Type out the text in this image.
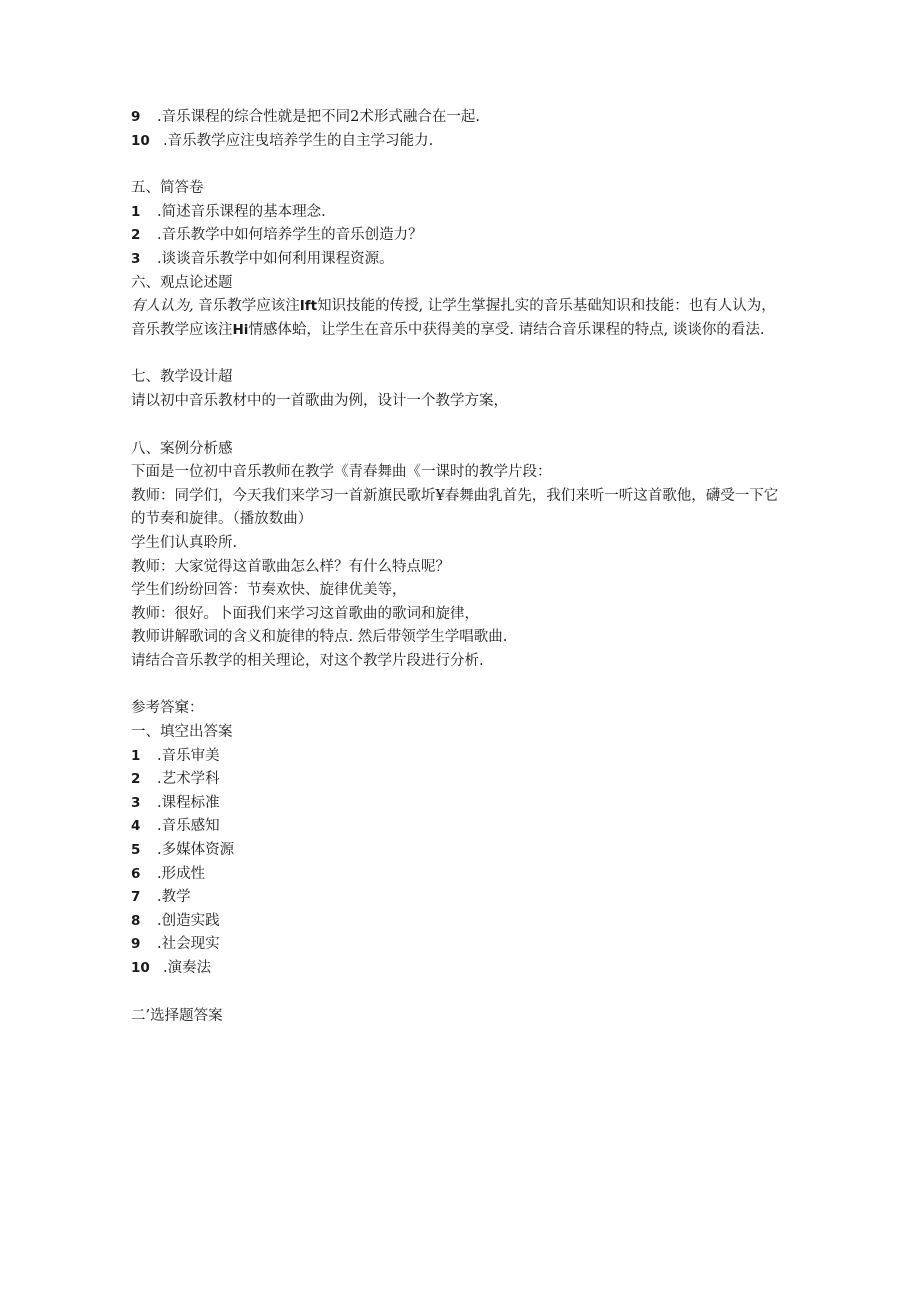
9 .音乐课程的综合性就是把不同2术形式融合在一起.
10 .音乐教学应注曳培养学生的自主学习能力.
五、简答卷
1 .简述音乐课程的基本理念.
2 .音乐教学中如何培养学生的音乐创造力？
3 .谈谈音乐教学中如何利用课程资源。
六、观点论述题
有人认为, 音乐教学应该注Ift知识技能的传授, 让学生掌握扎实的音乐基础知识和技能：也有人认为，音乐教学应该注Hi情感体蛤，让学生在音乐中获得美的享受. 请结合音乐课程的特点, 谈谈你的看法.
七、教学设计超
请以初中音乐教材中的一首歌曲为例，设计一个教学方案，
八、案例分析感
下面是一位初中音乐教师在教学《青春舞曲《一课时的教学片段：
教师：同学们，今天我们来学习一首新旗民歌圻¥春舞曲乳首先，我们来听一听这首歌他，礴受一下它的节奏和旋律。（播放数曲）
学生们认真聆所.
教师：大家觉得这首歌曲怎么样？有什么特点呢？
学生们纷纷回答：节奏欢快、旋律优美等，
教师：很好。卜面我们来学习这首歌曲的歌词和旋律，
教师讲解歌词的含义和旋律的特点. 然后带领学生学唱歌曲.
请结合音乐教学的相关理论，对这个教学片段进行分析.
参考答窠：
一、填空出答案
1 .音乐审美
2 .艺术学科
3 .课程标准
4 .音乐感知
5 .多媒体资源
6 .形成性
7 .教学
8 .创造实践
9 .社会现实
10 .演奏法
二’选择题答案
